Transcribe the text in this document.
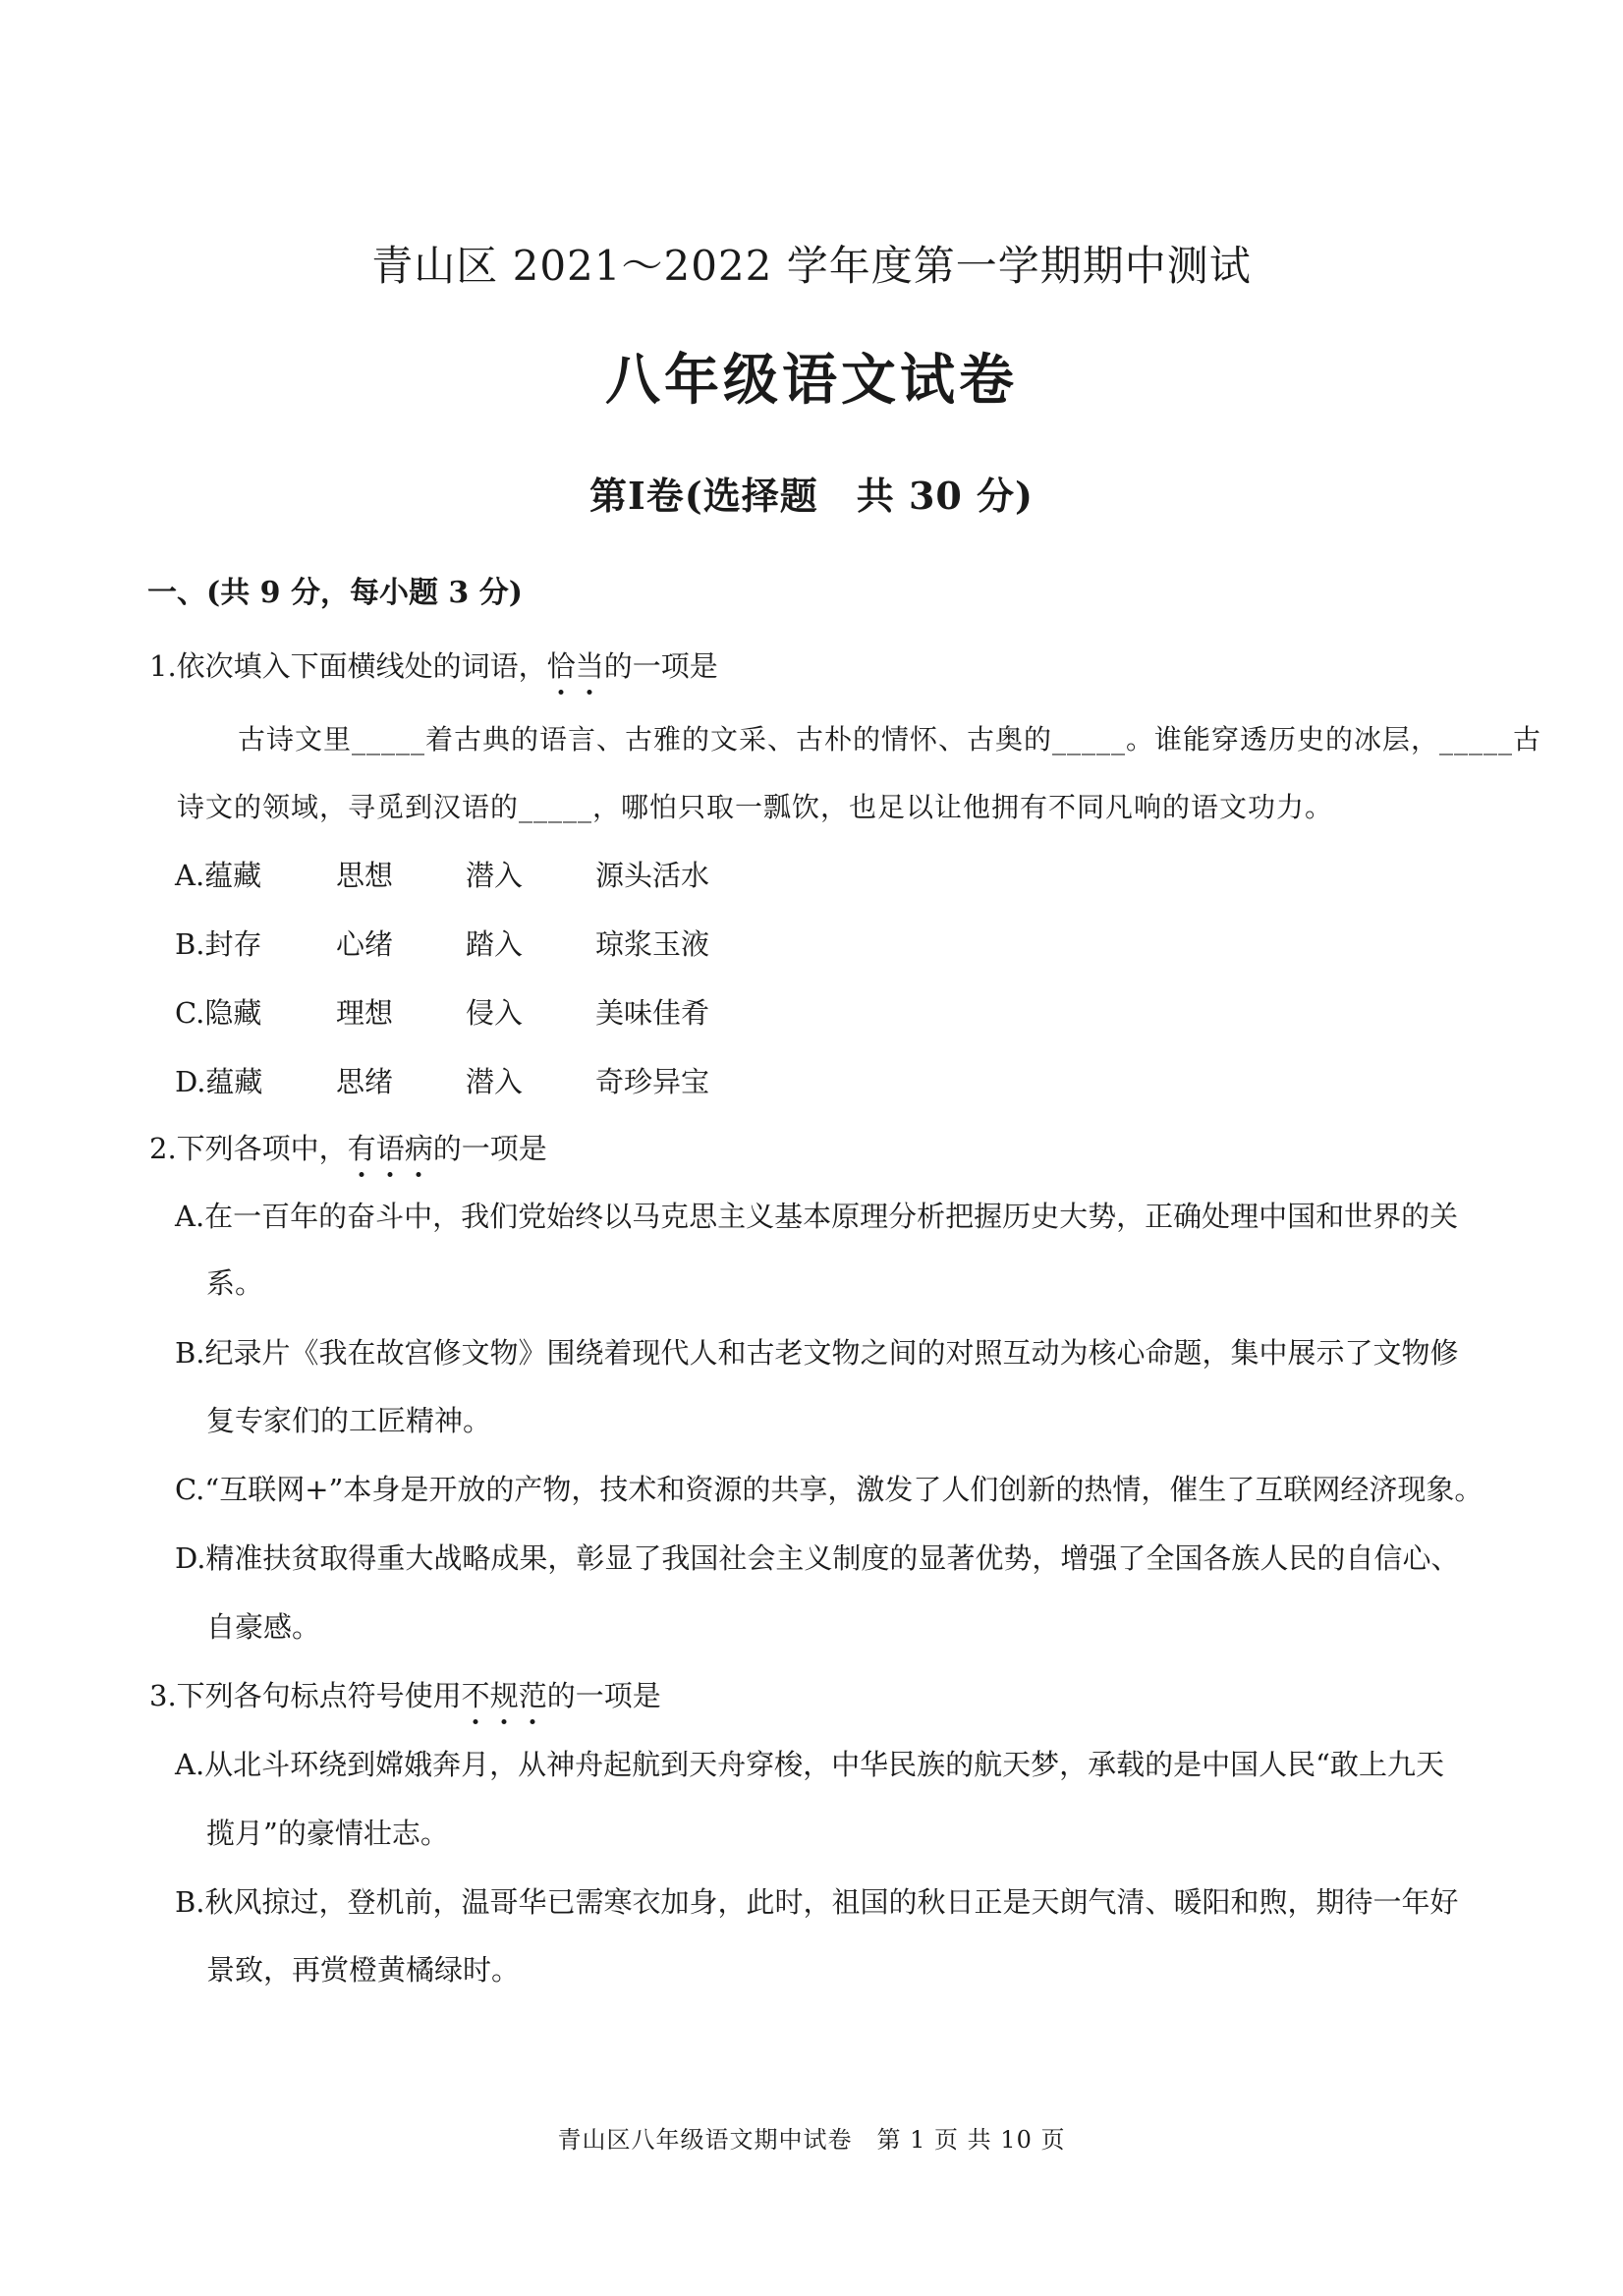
青山区 2021～2022 学年度第一学期期中测试
八年级语文试卷
第Ⅰ卷(选择题　共 30 分)
一、(共 9 分，每小题 3 分)
1.依次填入下面横线处的词语，恰
当
的一项是
古诗文里_____着古典的语言、古雅的文采、古朴的情怀、古奥的_____。谁能穿透历史的冰层，_____古
诗文的领域，寻觅到汉语的_____，哪怕只取一瓢饮，也足以让他拥有不同凡响的语文功力。
A.蕴藏	思想	潜入	源头活水
B.封存	心绪	踏入	琼浆玉液
C.隐藏	理想	侵入	美味佳肴
D.蕴藏	思绪	潜入	奇珍异宝
2.下列各项中，有
语
病
的一项是
A.在一百年的奋斗中，我们党始终以马克思主义基本原理分析把握历史大势，正确处理中国和世界的关
系。
B.纪录片《我在故宫修文物》围绕着现代人和古老文物之间的对照互动为核心命题，集中展示了文物修
复专家们的工匠精神。
C.“互联网+”本身是开放的产物，技术和资源的共享，激发了人们创新的热情，催生了互联网经济现象。
D.精准扶贫取得重大战略成果，彰显了我国社会主义制度的显著优势，增强了全国各族人民的自信心、
自豪感。
3.下列各句标点符号使用不
规
范
的一项是
A.从北斗环绕到嫦娥奔月，从神舟起航到天舟穿梭，中华民族的航天梦，承载的是中国人民“敢上九天
揽月”的豪情壮志。
B.秋风掠过，登机前，温哥华已需寒衣加身，此时，祖国的秋日正是天朗气清、暖阳和煦，期待一年好
景致，再赏橙黄橘绿时。
青山区八年级语文期中试卷　第 1 页 共 10 页
